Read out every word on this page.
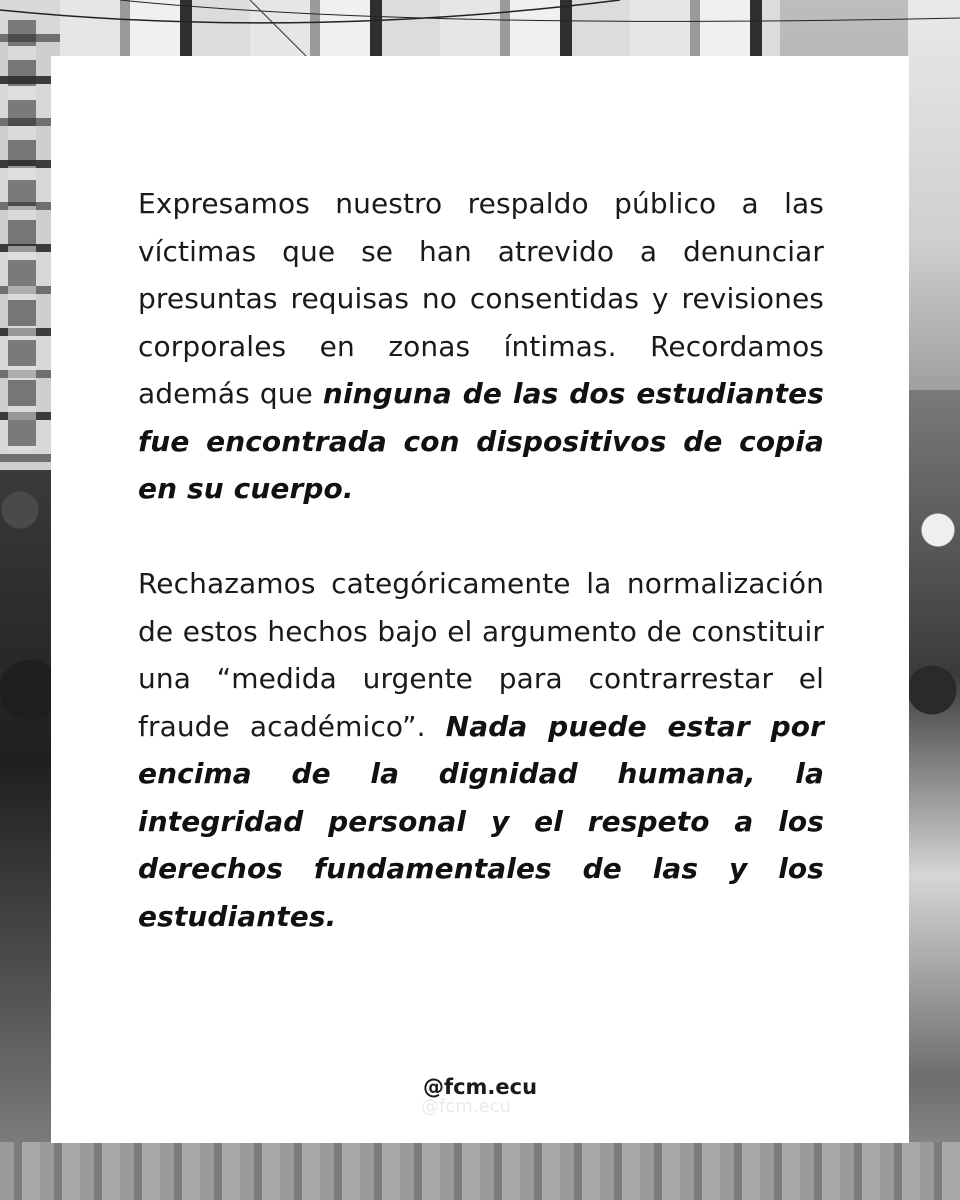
Expresamos nuestro respaldo público a las víctimas que se han atrevido a denunciar presuntas requisas no consentidas y revisiones corporales en zonas íntimas. Recordamos además que ninguna de las dos estudiantes fue encontrada con dispositivos de copia en su cuerpo.

Rechazamos categóricamente la normalización de estos hechos bajo el argumento de constituir una “medida urgente para contrarrestar el fraude académico”. Nada puede estar por encima de la dignidad humana, la integridad personal y el respeto a los derechos fundamentales de las y los estudiantes.

@fcm.ecu
@fcm.ecu
